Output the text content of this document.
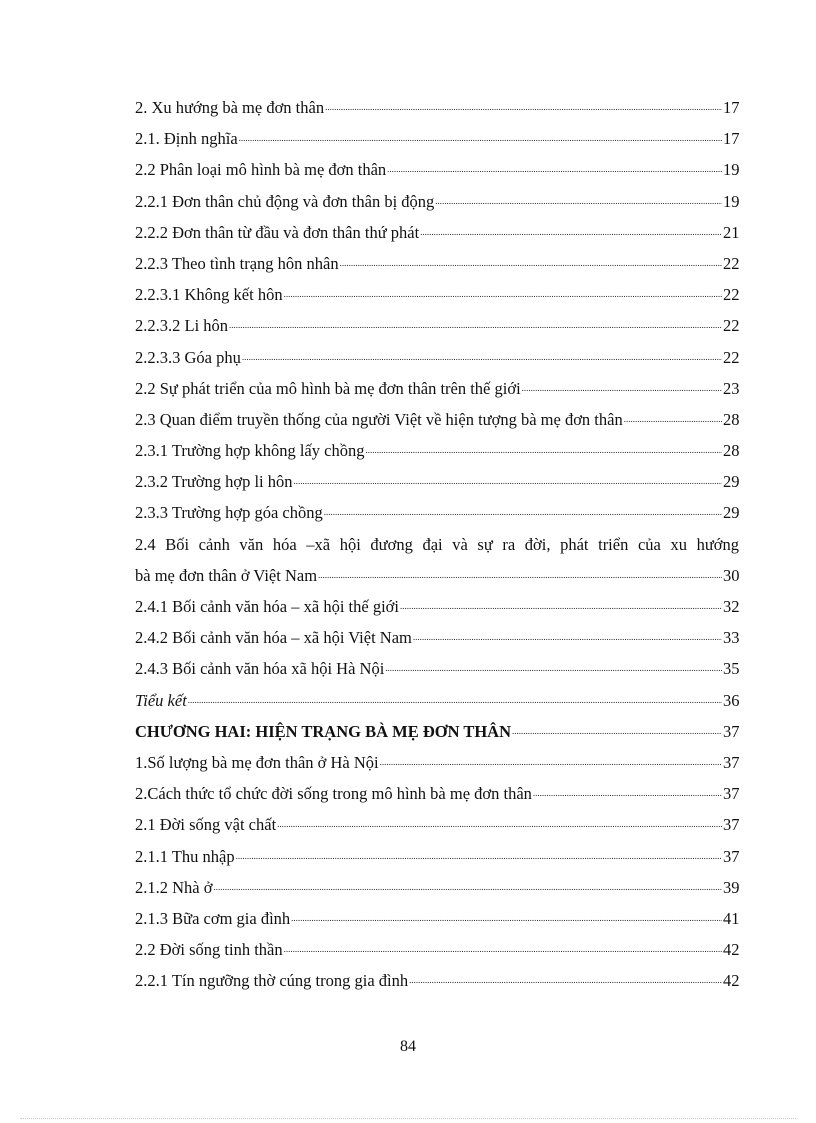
2. Xu hướng bà mẹ đơn thân .....	17
2.1. Định nghĩa .....	17
2.2 Phân loại mô hình bà mẹ đơn thân .....	19
2.2.1 Đơn thân chủ động và đơn thân bị động .....	19
2.2.2 Đơn thân từ đầu và đơn thân thứ phát .....	21
2.2.3 Theo tình trạng hôn nhân .....	22
2.2.3.1 Không kết hôn .....	22
2.2.3.2 Li hôn .....	22
2.2.3.3 Góa phụ .....	22
2.2 Sự phát triển của mô hình bà mẹ đơn thân trên thế giới .....	23
2.3 Quan điểm truyền thống của người Việt về hiện tượng bà mẹ đơn thân .....	28
2.3.1 Trường hợp không lấy chồng .....	28
2.3.2 Trường hợp li hôn .....	29
2.3.3 Trường hợp góa chồng .....	29
2.4 Bối cảnh văn hóa –xã hội đương đại và sự ra đời, phát triển của xu hướng
bà mẹ đơn thân ở Việt Nam .....	30
2.4.1 Bối cảnh văn hóa – xã hội thế giới .....	32
2.4.2 Bối cảnh văn hóa – xã hội Việt Nam .....	33
2.4.3 Bối cảnh văn hóa xã hội Hà Nội .....	35
Tiểu kết .....	36
CHƯƠNG HAI: HIỆN TRẠNG BÀ MẸ ĐƠN THÂN .....	37
1.Số lượng bà mẹ đơn thân ở Hà Nội .....	37
2.Cách thức tổ chức đời sống trong mô hình bà mẹ đơn thân .....	37
2.1 Đời sống vật chất .....	37
2.1.1 Thu nhập .....	37
2.1.2 Nhà ở .....	39
2.1.3 Bữa cơm gia đình .....	41
2.2 Đời sống tinh thần .....	42
2.2.1 Tín ngưỡng thờ cúng trong gia đình .....	42
84
